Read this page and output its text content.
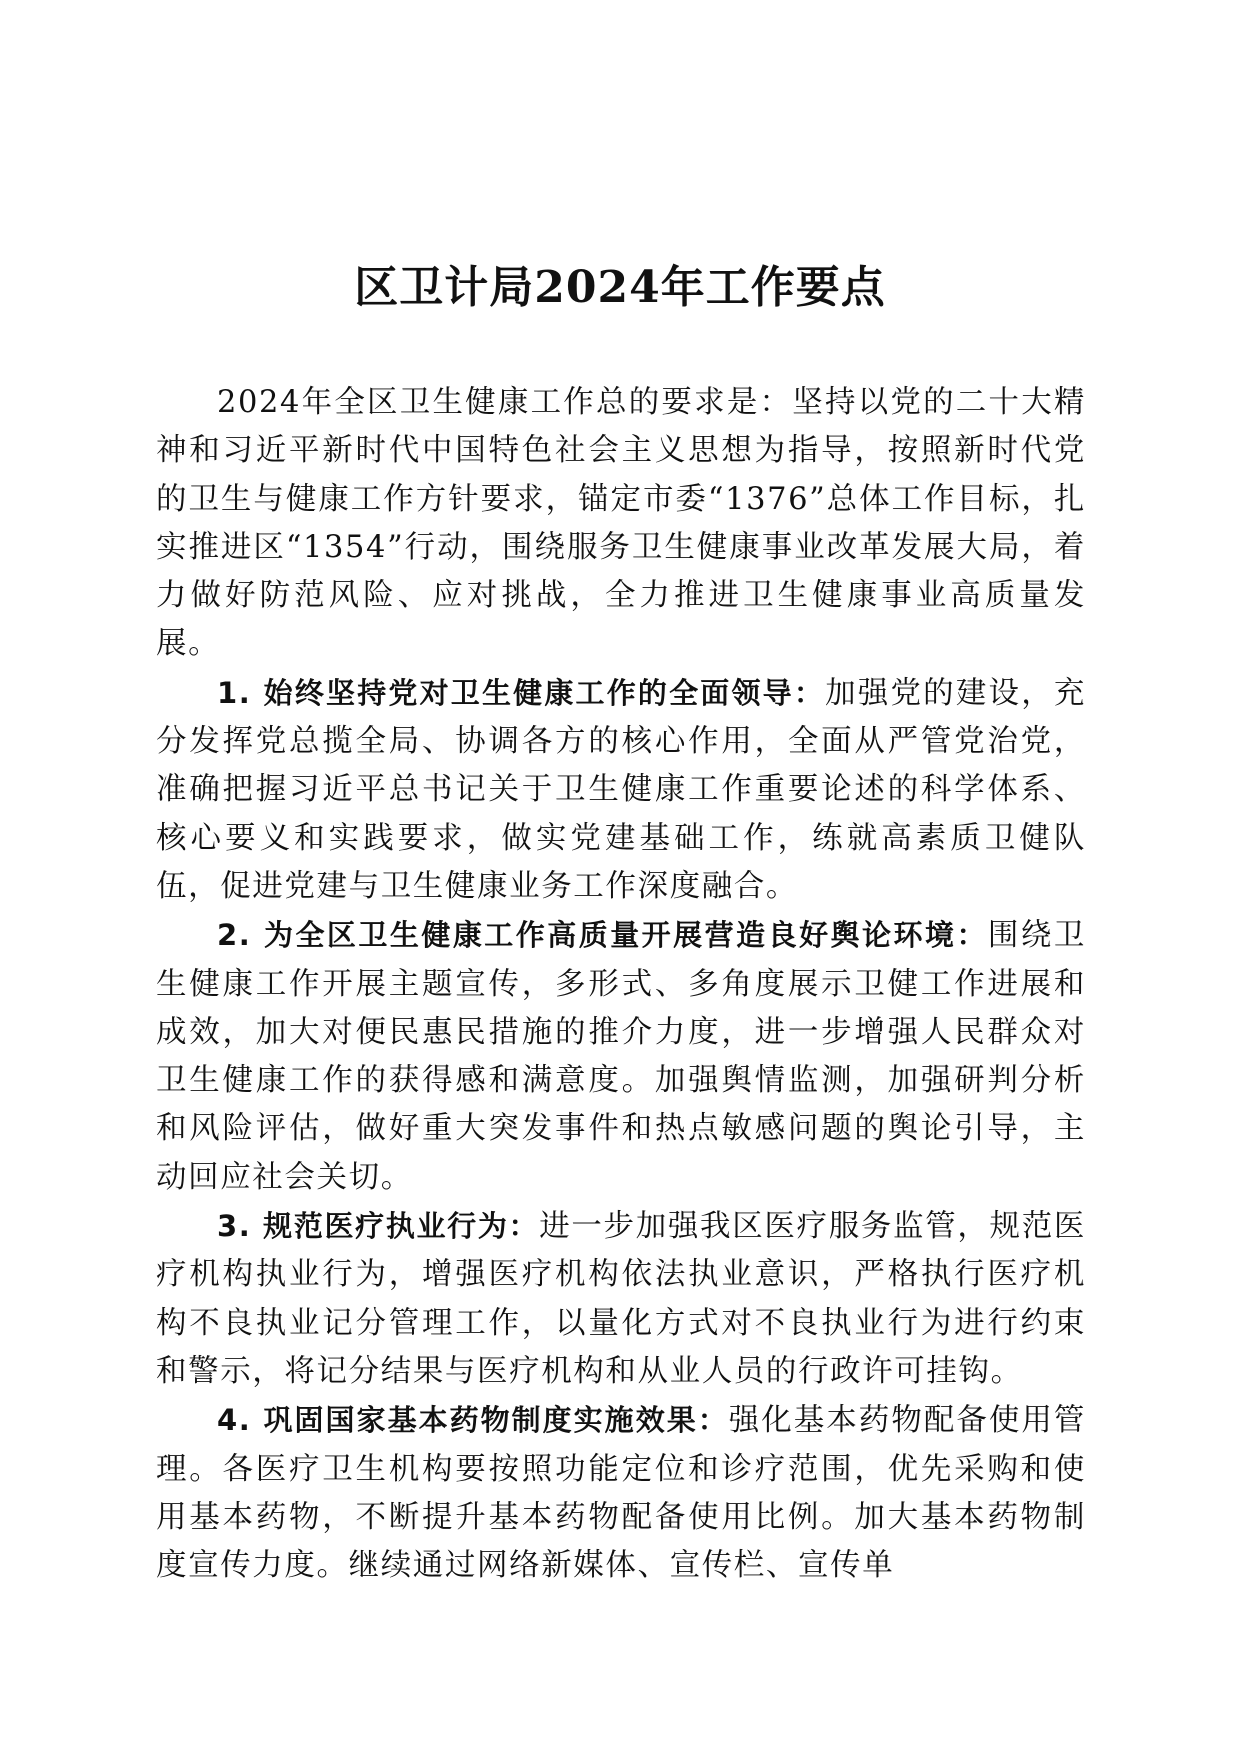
区卫计局2024年工作要点

2024年全区卫生健康工作总的要求是：坚持以党的二十大精神和习近平新时代中国特色社会主义思想为指导，按照新时代党的卫生与健康工作方针要求，锚定市委“1376”总体工作目标，扎实推进区“1354”行动，围绕服务卫生健康事业改革发展大局，着力做好防范风险、应对挑战，全力推进卫生健康事业高质量发展。

1. 始终坚持党对卫生健康工作的全面领导：加强党的建设，充分发挥党总揽全局、协调各方的核心作用，全面从严管党治党，准确把握习近平总书记关于卫生健康工作重要论述的科学体系、核心要义和实践要求，做实党建基础工作，练就高素质卫健队伍，促进党建与卫生健康业务工作深度融合。

2. 为全区卫生健康工作高质量开展营造良好舆论环境：围绕卫生健康工作开展主题宣传，多形式、多角度展示卫健工作进展和成效，加大对便民惠民措施的推介力度，进一步增强人民群众对卫生健康工作的获得感和满意度。加强舆情监测，加强研判分析和风险评估，做好重大突发事件和热点敏感问题的舆论引导，主动回应社会关切。

3. 规范医疗执业行为：进一步加强我区医疗服务监管，规范医疗机构执业行为，增强医疗机构依法执业意识，严格执行医疗机构不良执业记分管理工作，以量化方式对不良执业行为进行约束和警示，将记分结果与医疗机构和从业人员的行政许可挂钩。

4. 巩固国家基本药物制度实施效果：强化基本药物配备使用管理。各医疗卫生机构要按照功能定位和诊疗范围，优先采购和使用基本药物，不断提升基本药物配备使用比例。加大基本药物制度宣传力度。继续通过网络新媒体、宣传栏、宣传单
